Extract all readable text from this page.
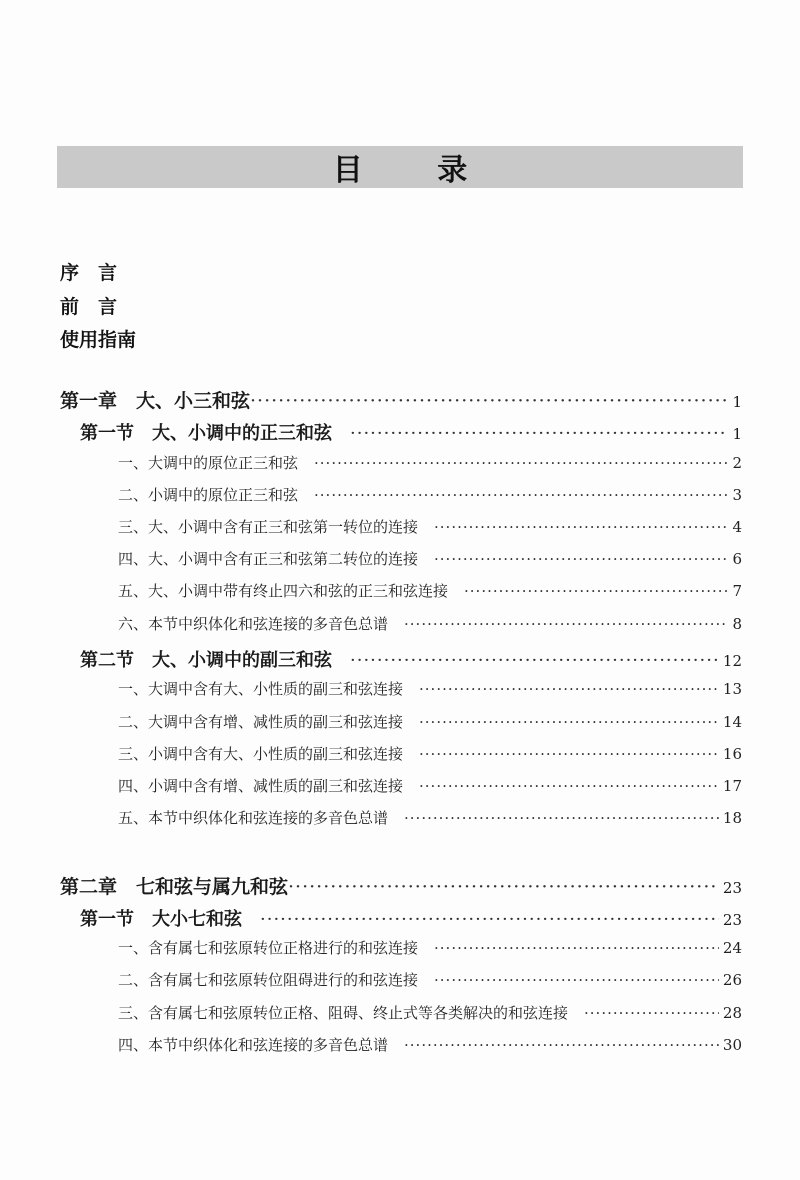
目 录
序　言
前　言
使用指南
第一章　大、小三和弦 ·····	1
第一节　大、小调中的正三和弦 ·····	1
一、大调中的原位正三和弦 ·····	2
二、小调中的原位正三和弦 ·····	3
三、大、小调中含有正三和弦第一转位的连接 ·····	4
四、大、小调中含有正三和弦第二转位的连接 ·····	6
五、大、小调中带有终止四六和弦的正三和弦连接 ·····	7
六、本节中织体化和弦连接的多音色总谱 ·····	8
第二节　大、小调中的副三和弦 ·····	12
一、大调中含有大、小性质的副三和弦连接 ·····	13
二、大调中含有增、减性质的副三和弦连接 ·····	14
三、小调中含有大、小性质的副三和弦连接 ·····	16
四、小调中含有增、减性质的副三和弦连接 ·····	17
五、本节中织体化和弦连接的多音色总谱 ·····	18
第二章　七和弦与属九和弦 ·····	23
第一节　大小七和弦 ·····	23
一、含有属七和弦原转位正格进行的和弦连接 ·····	24
二、含有属七和弦原转位阻碍进行的和弦连接 ·····	26
三、含有属七和弦原转位正格、阻碍、终止式等各类解决的和弦连接 ·····	28
四、本节中织体化和弦连接的多音色总谱 ·····	30
